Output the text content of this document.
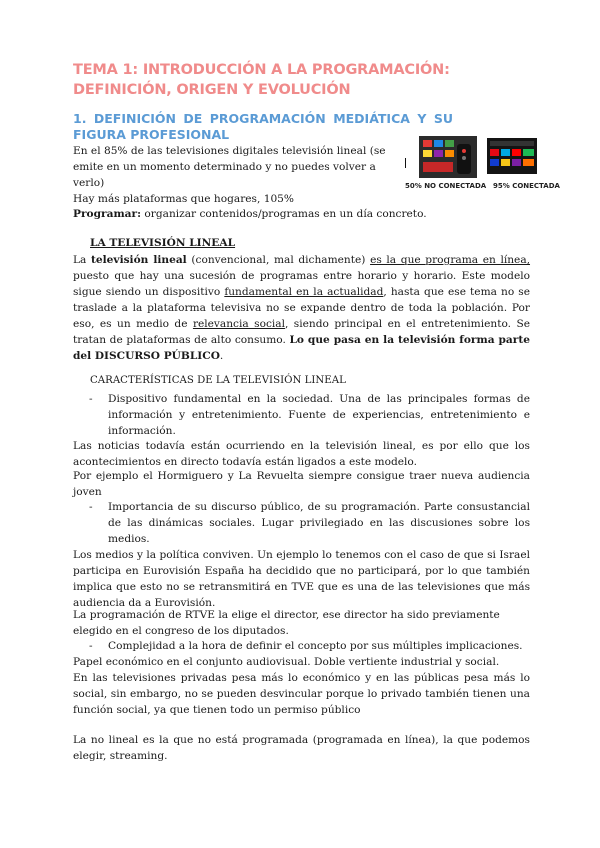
TEMA 1: INTRODUCCIÓN A LA PROGRAMACIÓN: DEFINICIÓN, ORIGEN Y EVOLUCIÓN
1. DEFINICIÓN DE PROGRAMACIÓN MEDIÁTICA Y SU FIGURA PROFESIONAL
En el 85% de las televisiones digitales televisión lineal (se emite en un momento determinado y no puedes volver a verlo)
Hay más plataformas que hogares, 105%
50% NO CONECTADA 95% CONECTADA
Programar: organizar contenidos/programas en un día concreto.
LA TELEVISIÓN LINEAL
La televisión lineal (convencional, mal dichamente) es la que programa en línea, puesto que hay una sucesión de programas entre horario y horario. Este modelo sigue siendo un dispositivo fundamental en la actualidad, hasta que ese tema no se traslade a la plataforma televisiva no se expande dentro de toda la población. Por eso, es un medio de relevancia social, siendo principal en el entretenimiento. Se tratan de plataformas de alto consumo. Lo que pasa en la televisión forma parte del DISCURSO PÚBLICO.
CARACTERÍSTICAS DE LA TELEVISIÓN LINEAL
- Dispositivo fundamental en la sociedad. Una de las principales formas de información y entretenimiento. Fuente de experiencias, entretenimiento e información.
Las noticias todavía están ocurriendo en la televisión lineal, es por ello que los acontecimientos en directo todavía están ligados a este modelo.
Por ejemplo el Hormiguero y La Revuelta siempre consigue traer nueva audiencia joven
- Importancia de su discurso público, de su programación. Parte consustancial de las dinámicas sociales. Lugar privilegiado en las discusiones sobre los medios.
Los medios y la política conviven. Un ejemplo lo tenemos con el caso de que si Israel participa en Eurovisión España ha decidido que no participará, por lo que también implica que esto no se retransmitirá en TVE que es una de las televisiones que más audiencia da a Eurovisión.
La programación de RTVE la elige el director, ese director ha sido previamente elegido en el congreso de los diputados.
- Complejidad a la hora de definir el concepto por sus múltiples implicaciones.
Papel económico en el conjunto audiovisual. Doble vertiente industrial y social.
En las televisiones privadas pesa más lo económico y en las públicas pesa más lo social, sin embargo, no se pueden desvincular porque lo privado también tienen una función social, ya que tienen todo un permiso público
La no lineal es la que no está programada (programada en línea), la que podemos elegir, streaming.
